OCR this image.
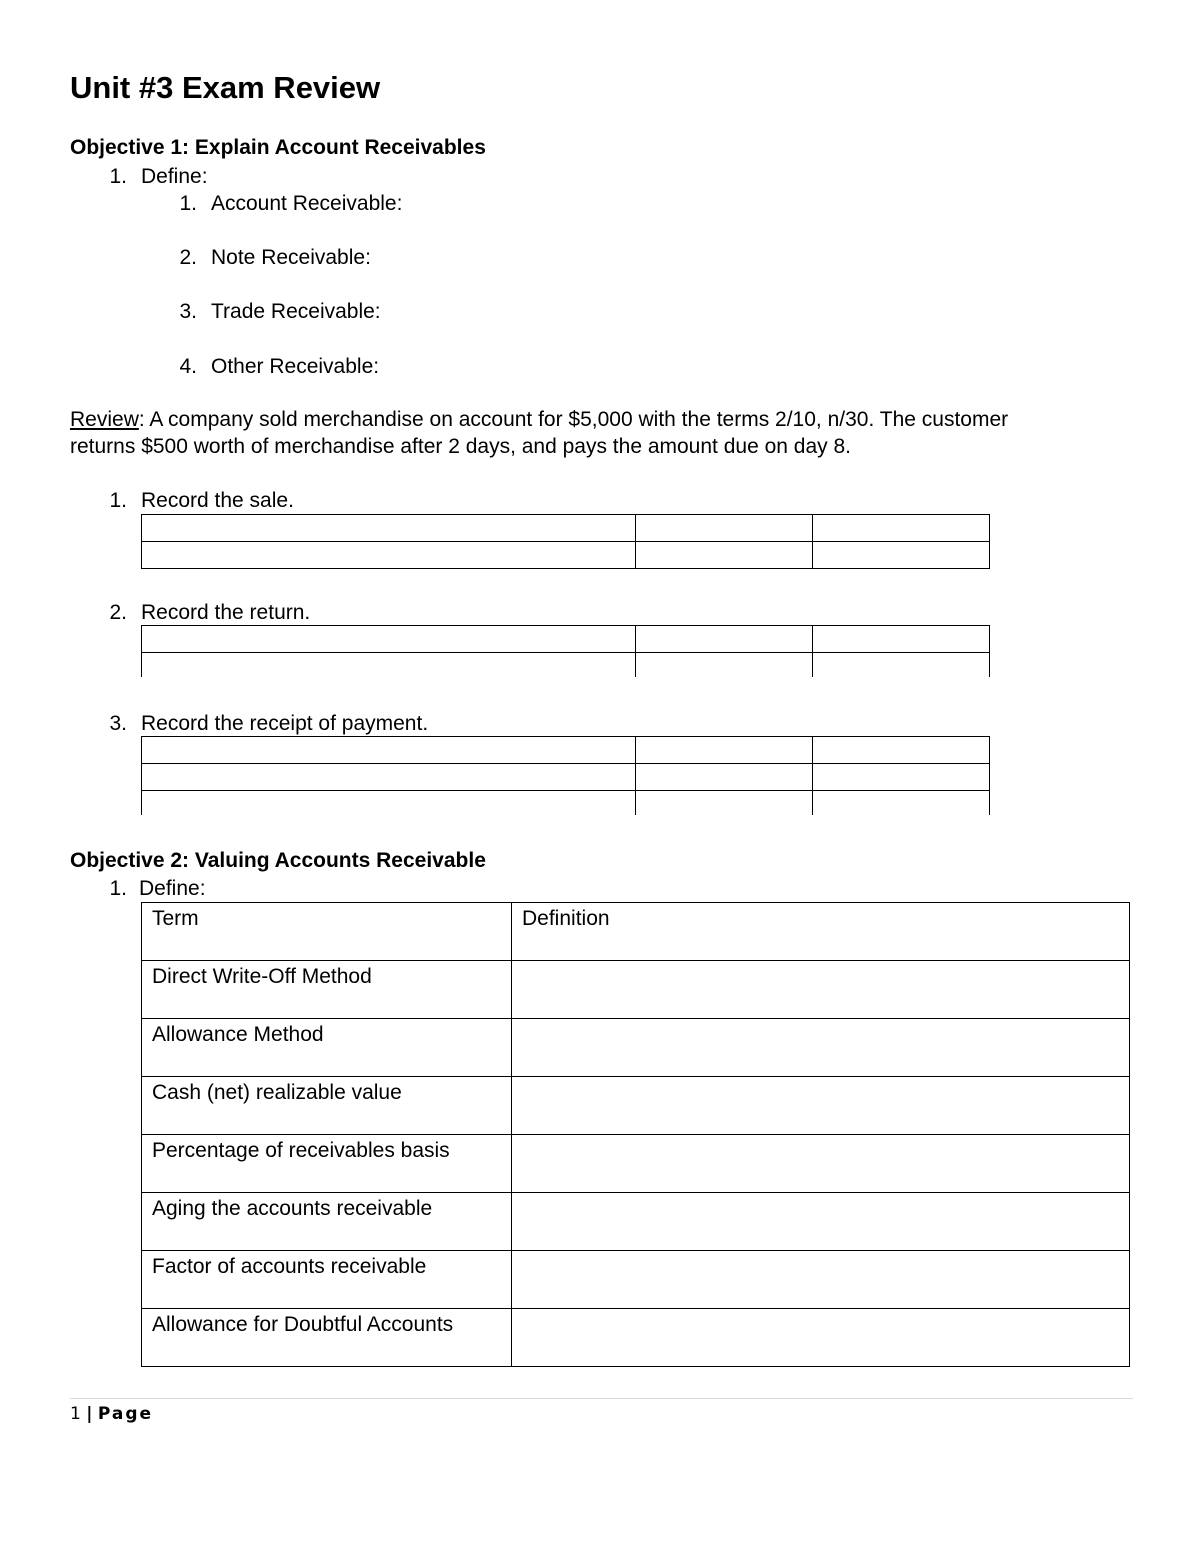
Unit #3 Exam Review
Objective 1: Explain Account Receivables
1. Define:
1. Account Receivable:
2. Note Receivable:
3. Trade Receivable:
4. Other Receivable:
Review: A company sold merchandise on account for $5,000 with the terms 2/10, n/30. The customer
returns $500 worth of merchandise after 2 days, and pays the amount due on day 8.
1. Record the sale.

2. Record the return.

3. Record the receipt of payment.

Objective 2: Valuing Accounts Receivable
1. Define:
Term	Definition
Direct Write-Off Method	
Allowance Method	
Cash (net) realizable value	
Percentage of receivables basis	
Aging the accounts receivable	
Factor of accounts receivable	
Allowance for Doubtful Accounts	
1 | Page
